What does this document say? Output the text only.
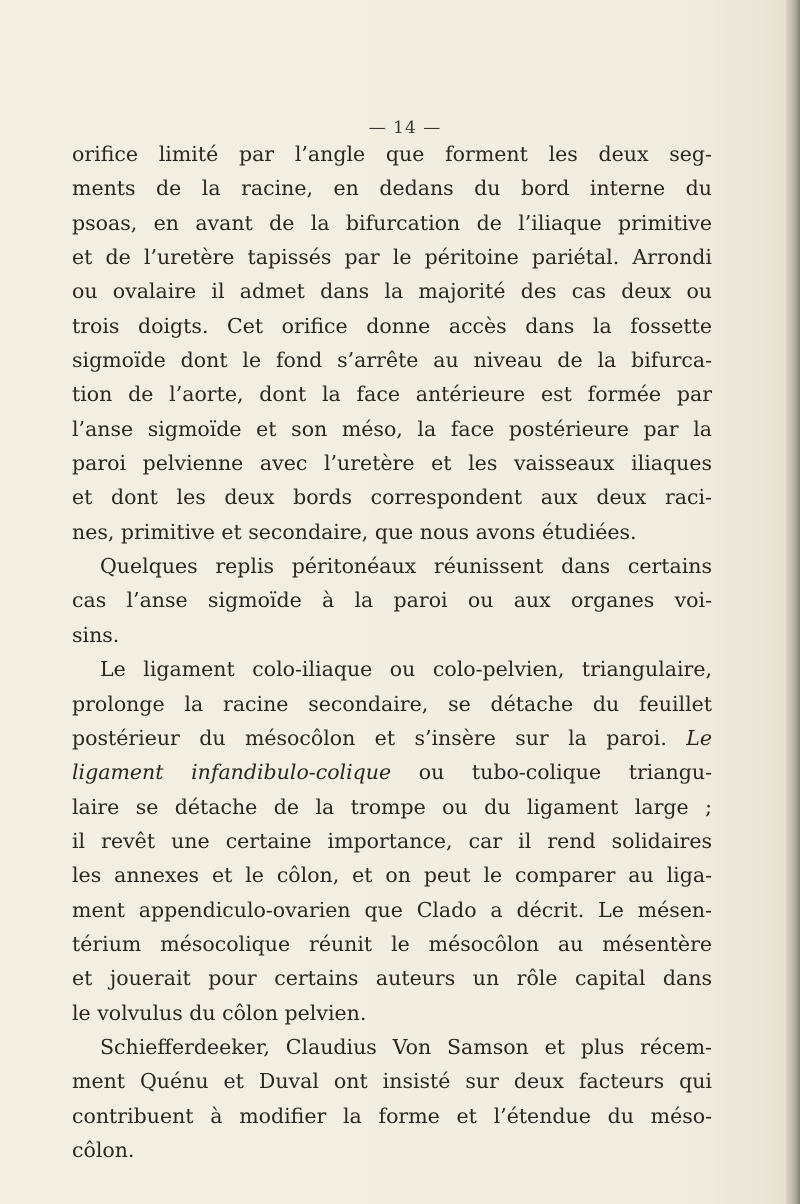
— 14 —
orifice limité par l’angle que forment les deux seg-
ments de la racine, en dedans du bord interne du
psoas, en avant de la bifurcation de l’iliaque primitive
et de l’uretère tapissés par le péritoine pariétal. Arrondi
ou ovalaire il admet dans la majorité des cas deux ou
trois doigts. Cet orifice donne accès dans la fossette
sigmoïde dont le fond s’arrête au niveau de la bifurca-
tion de l’aorte, dont la face antérieure est formée par
l’anse sigmoïde et son méso, la face postérieure par la
paroi pelvienne avec l’uretère et les vaisseaux iliaques
et dont les deux bords correspondent aux deux raci-
nes, primitive et secondaire, que nous avons étudiées.
Quelques replis péritonéaux réunissent dans certains
cas l’anse sigmoïde à la paroi ou aux organes voi-
sins.
Le ligament colo-iliaque ou colo-pelvien, triangulaire,
prolonge la racine secondaire, se détache du feuillet
postérieur du mésocôlon et s’insère sur la paroi. Le
ligament infandibulo-colique ou tubo-colique triangu-
laire se détache de la trompe ou du ligament large ;
il revêt une certaine importance, car il rend solidaires
les annexes et le côlon, et on peut le comparer au liga-
ment appendiculo-ovarien que Clado a décrit. Le mésen-
térium mésocolique réunit le mésocôlon au mésentère
et jouerait pour certains auteurs un rôle capital dans
le volvulus du côlon pelvien.
Schiefferdeeker, Claudius Von Samson et plus récem-
ment Quénu et Duval ont insisté sur deux facteurs qui
contribuent à modifier la forme et l’étendue du méso-
côlon.
